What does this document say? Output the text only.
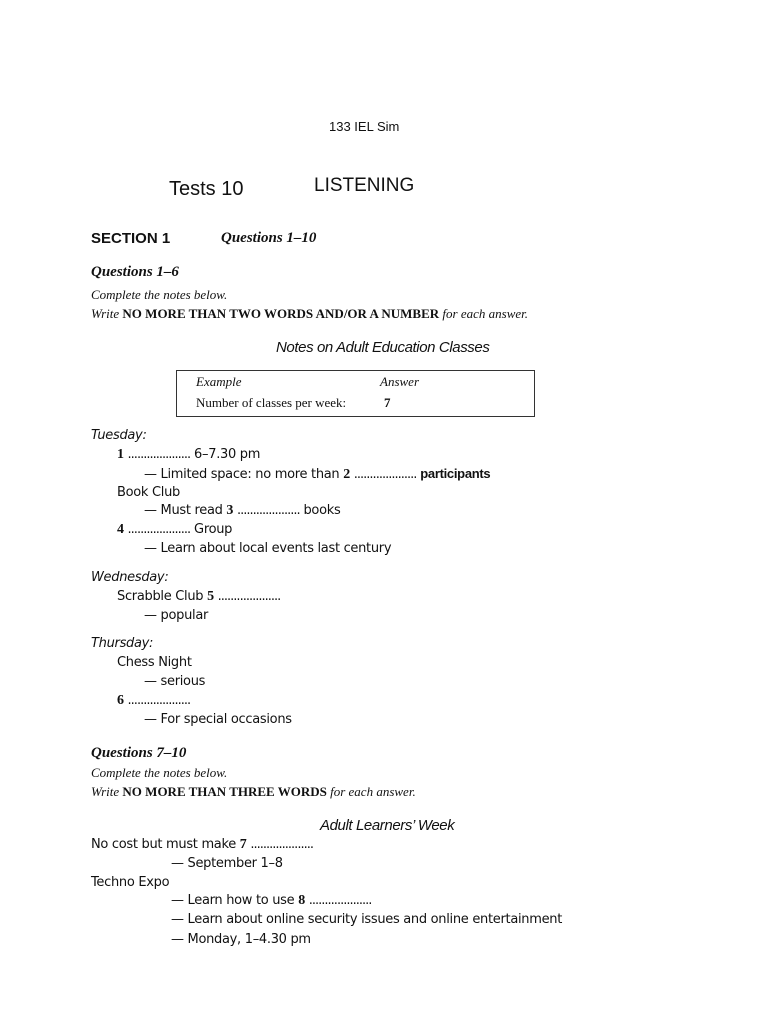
133 IEL Sim
Tests 10	LISTENING
SECTION 1	Questions 1–10
Questions 1–6
Complete the notes below.
Write NO MORE THAN TWO WORDS AND/OR A NUMBER for each answer.
Notes on Adult Education Classes
Example	Answer
Number of classes per week:	7
Tuesday:
1 .................... 6–7.30 pm
— Limited space: no more than 2 .................... participants
Book Club
— Must read 3 .................... books
4 .................... Group
— Learn about local events last century
Wednesday:
Scrabble Club 5 ....................
— popular
Thursday:
Chess Night
— serious
6 ....................
— For special occasions
Questions 7–10
Complete the notes below.
Write NO MORE THAN THREE WORDS for each answer.
Adult Learners’ Week
No cost but must make 7 ....................
— September 1–8
Techno Expo
— Learn how to use 8 ....................
— Learn about online security issues and online entertainment
— Monday, 1–4.30 pm
